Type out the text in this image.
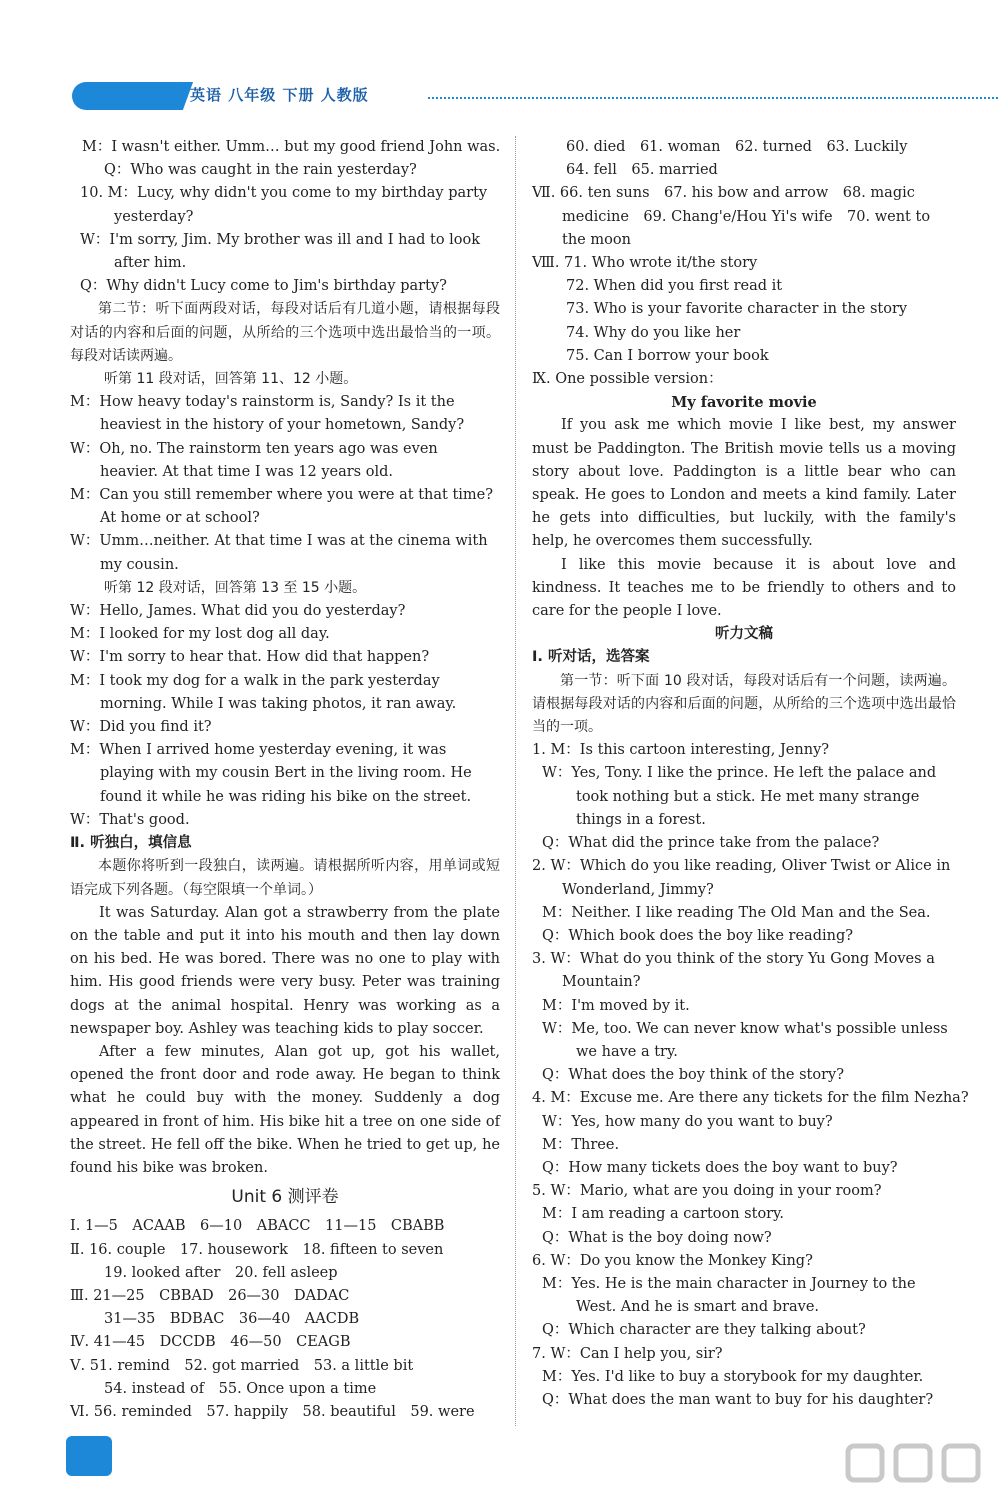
英语 八年级 下册 人教版
M：I wasn't either. Umm… but my good friend John was.
Q：Who was caught in the rain yesterday?
10. M：Lucy, why didn't you come to my birthday party yesterday?
W：I'm sorry, Jim. My brother was ill and I had to look after him.
Q：Why didn't Lucy come to Jim's birthday party?
第二节：听下面两段对话，每段对话后有几道小题，请根据每段对话的内容和后面的问题，从所给的三个选项中选出最恰当的一项。每段对话读两遍。
听第 11 段对话，回答第 11、12 小题。
M：How heavy today's rainstorm is, Sandy? Is it the heaviest in the history of your hometown, Sandy?
W：Oh, no. The rainstorm ten years ago was even heavier. At that time I was 12 years old.
M：Can you still remember where you were at that time? At home or at school?
W：Umm…neither. At that time I was at the cinema with my cousin.
听第 12 段对话，回答第 13 至 15 小题。
W：Hello, James. What did you do yesterday?
M：I looked for my lost dog all day.
W：I'm sorry to hear that. How did that happen?
M：I took my dog for a walk in the park yesterday morning. While I was taking photos, it ran away.
W：Did you find it?
M：When I arrived home yesterday evening, it was playing with my cousin Bert in the living room. He found it while he was riding his bike on the street.
W：That's good.
Ⅱ. 听独白，填信息
本题你将听到一段独白，读两遍。请根据所听内容，用单词或短语完成下列各题。（每空限填一个单词。）
It was Saturday. Alan got a strawberry from the plate on the table and put it into his mouth and then lay down on his bed. He was bored. There was no one to play with him. His good friends were very busy. Peter was training dogs at the animal hospital. Henry was working as a newspaper boy. Ashley was teaching kids to play soccer.
After a few minutes, Alan got up, got his wallet, opened the front door and rode away. He began to think what he could buy with the money. Suddenly a dog appeared in front of him. His bike hit a tree on one side of the street. He fell off the bike. When he tried to get up, he found his bike was broken.
Unit 6 测评卷
Ⅰ. 1—5　ACAAB　6—10　ABACC　11—15　CBABB
Ⅱ. 16. couple　17. housework　18. fifteen to seven
19. looked after　20. fell asleep
Ⅲ. 21—25　CBBAD　26—30　DADAC
31—35　BDBAC　36—40　AACDB
Ⅳ. 41—45　DCCDB　46—50　CEAGB
Ⅴ. 51. remind　52. got married　53. a little bit
54. instead of　55. Once upon a time
Ⅵ. 56. reminded　57. happily　58. beautiful　59. were
60. died　61. woman　62. turned　63. Luckily
64. fell　65. married
Ⅶ. 66. ten suns　67. his bow and arrow　68. magic medicine　69. Chang'e/Hou Yi's wife　70. went to the moon
Ⅷ. 71. Who wrote it/the story
72. When did you first read it
73. Who is your favorite character in the story
74. Why do you like her
75. Can I borrow your book
Ⅸ. One possible version：
My favorite movie
If you ask me which movie I like best, my answer must be Paddington. The British movie tells us a moving story about love. Paddington is a little bear who can speak. He goes to London and meets a kind family. Later he gets into difficulties, but luckily, with the family's help, he overcomes them successfully.
I like this movie because it is about love and kindness. It teaches me to be friendly to others and to care for the people I love.
听力文稿
Ⅰ. 听对话，选答案
第一节：听下面 10 段对话，每段对话后有一个问题，读两遍。请根据每段对话的内容和后面的问题，从所给的三个选项中选出最恰当的一项。
1. M：Is this cartoon interesting, Jenny?
W：Yes, Tony. I like the prince. He left the palace and took nothing but a stick. He met many strange things in a forest.
Q：What did the prince take from the palace?
2. W：Which do you like reading, Oliver Twist or Alice in Wonderland, Jimmy?
M：Neither. I like reading The Old Man and the Sea.
Q：Which book does the boy like reading?
3. W：What do you think of the story Yu Gong Moves a Mountain?
M：I'm moved by it.
W：Me, too. We can never know what's possible unless we have a try.
Q：What does the boy think of the story?
4. M：Excuse me. Are there any tickets for the film Nezha?
W：Yes, how many do you want to buy?
M：Three.
Q：How many tickets does the boy want to buy?
5. W：Mario, what are you doing in your room?
M：I am reading a cartoon story.
Q：What is the boy doing now?
6. W：Do you know the Monkey King?
M：Yes. He is the main character in Journey to the West. And he is smart and brave.
Q：Which character are they talking about?
7. W：Can I help you, sir?
M：Yes. I'd like to buy a storybook for my daughter.
Q：What does the man want to buy for his daughter?
